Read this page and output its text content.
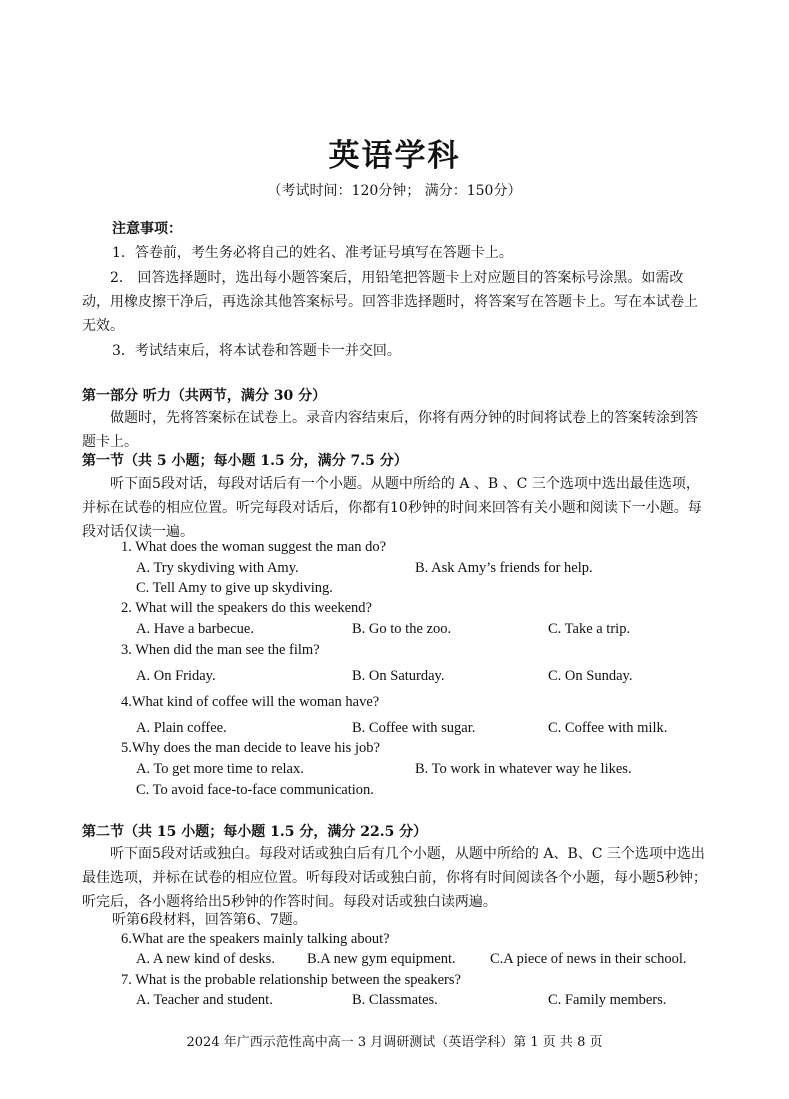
英语学科
（考试时间：120分钟； 满分：150分）
注意事项：
1．答卷前，考生务必将自己的姓名、准考证号填写在答题卡上。
2． 回答选择题时，选出每小题答案后，用铅笔把答题卡上对应题目的答案标号涂黑。如需改动，用橡皮擦干净后，再选涂其他答案标号。回答非选择题时，将答案写在答题卡上。写在本试卷上无效。
3．考试结束后，将本试卷和答题卡一并交回。
第一部分 听力（共两节，满分 30 分）
做题时，先将答案标在试卷上。录音内容结束后，你将有两分钟的时间将试卷上的答案转涂到答题卡上。
第一节（共 5 小题；每小题 1.5 分，满分 7.5 分）
听下面5段对话，每段对话后有一个小题。从题中所给的 A 、B 、C 三个选项中选出最佳选项，并标在试卷的相应位置。听完每段对话后，你都有10秒钟的时间来回答有关小题和阅读下一小题。每段对话仅读一遍。
1. What does the woman suggest the man do?
A. Try skydiving with Amy.	B. Ask Amy’s friends for help.
C. Tell Amy to give up skydiving.
2. What will the speakers do this weekend?
A. Have a barbecue.	B. Go to the zoo.	C. Take a trip.
3. When did the man see the film?
A. On Friday.	B. On Saturday.	C. On Sunday.
4.What kind of coffee will the woman have?
A. Plain coffee.	B. Coffee with sugar.	C. Coffee with milk.
5.Why does the man decide to leave his job?
A. To get more time to relax.	B. To work in whatever way he likes.
C. To avoid face-to-face communication.
第二节（共 15 小题；每小题 1.5 分，满分 22.5 分）
听下面5段对话或独白。每段对话或独白后有几个小题，从题中所给的 A、B、C 三个选项中选出最佳选项，并标在试卷的相应位置。听每段对话或独白前，你将有时间阅读各个小题，每小题5秒钟；听完后，各小题将给出5秒钟的作答时间。每段对话或独白读两遍。
听第6段材料，回答第6、7题。
6.What are the speakers mainly talking about?
A. A new kind of desks. B.A new gym equipment. C.A piece of news in their school.
7. What is the probable relationship between the speakers?
A. Teacher and student.	B. Classmates.	C. Family members.
2024 年广西示范性高中高一 3 月调研测试（英语学科）第 1 页 共 8 页
